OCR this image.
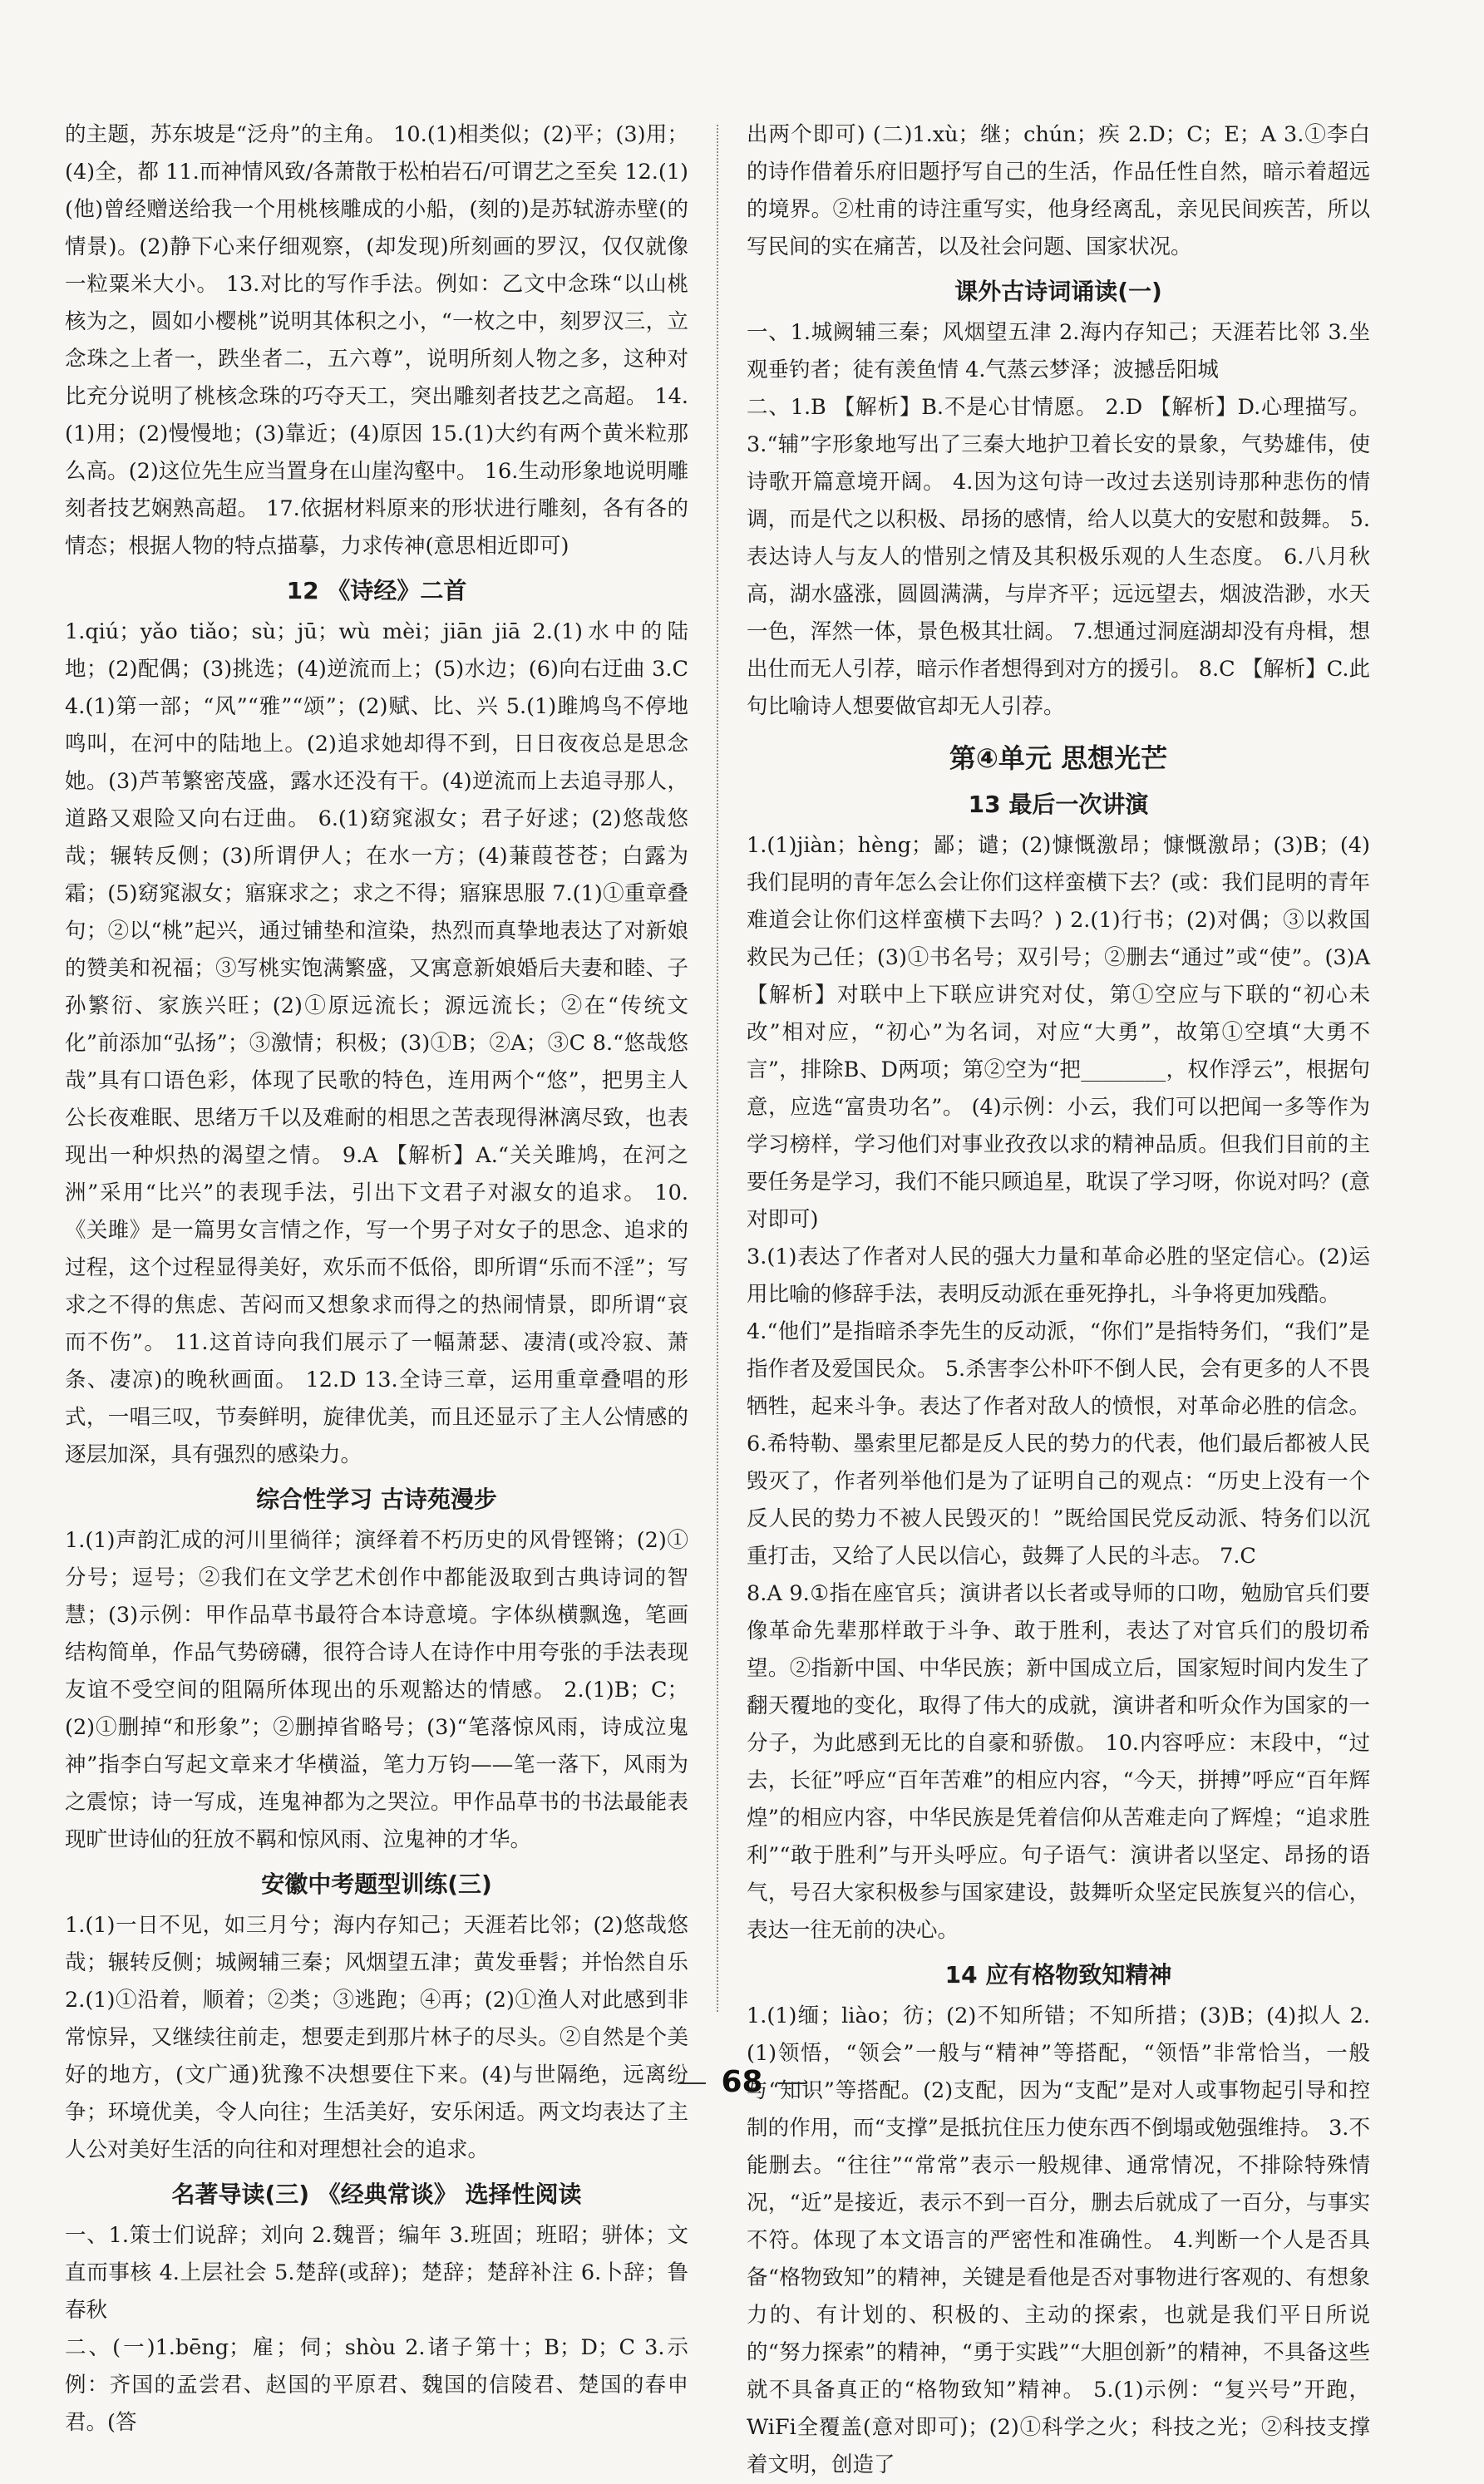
的主题，苏东坡是“泛舟”的主角。 10.(1)相类似；(2)平；(3)用；(4)全，都 11.而神情风致/各萧散于松柏岩石/可谓艺之至矣 12.(1)(他)曾经赠送给我一个用桃核雕成的小船，(刻的)是苏轼游赤壁(的情景)。(2)静下心来仔细观察，(却发现)所刻画的罗汉，仅仅就像一粒粟米大小。 13.对比的写作手法。例如：乙文中念珠“以山桃核为之，圆如小樱桃”说明其体积之小，“一枚之中，刻罗汉三，立念珠之上者一，跌坐者二，五六尊”，说明所刻人物之多，这种对比充分说明了桃核念珠的巧夺天工，突出雕刻者技艺之高超。 14.(1)用；(2)慢慢地；(3)靠近；(4)原因 15.(1)大约有两个黄米粒那么高。(2)这位先生应当置身在山崖沟壑中。 16.生动形象地说明雕刻者技艺娴熟高超。 17.依据材料原来的形状进行雕刻，各有各的情态；根据人物的特点描摹，力求传神(意思相近即可)

12 《诗经》二首

1.qiú；yǎo tiǎo；sù；jū；wù mèi；jiān jiā 2.(1)水中的陆地；(2)配偶；(3)挑选；(4)逆流而上；(5)水边；(6)向右迂曲 3.C 4.(1)第一部；“风”“雅”“颂”；(2)赋、比、兴 5.(1)雎鸠鸟不停地鸣叫，在河中的陆地上。(2)追求她却得不到，日日夜夜总是思念她。(3)芦苇繁密茂盛，露水还没有干。(4)逆流而上去追寻那人，道路又艰险又向右迂曲。 6.(1)窈窕淑女；君子好逑；(2)悠哉悠哉；辗转反侧；(3)所谓伊人；在水一方；(4)蒹葭苍苍；白露为霜；(5)窈窕淑女；寤寐求之；求之不得；寤寐思服 7.(1)①重章叠句；②以“桃”起兴，通过铺垫和渲染，热烈而真挚地表达了对新娘的赞美和祝福；③写桃实饱满繁盛，又寓意新娘婚后夫妻和睦、子孙繁衍、家族兴旺；(2)①原远流长；源远流长；②在“传统文化”前添加“弘扬”；③激情；积极；(3)①B；②A；③C 8.“悠哉悠哉”具有口语色彩，体现了民歌的特色，连用两个“悠”，把男主人公长夜难眠、思绪万千以及难耐的相思之苦表现得淋漓尽致，也表现出一种炽热的渴望之情。 9.A 【解析】A.“关关雎鸠，在河之洲”采用“比兴”的表现手法，引出下文君子对淑女的追求。 10.《关雎》是一篇男女言情之作，写一个男子对女子的思念、追求的过程，这个过程显得美好，欢乐而不低俗，即所谓“乐而不淫”；写求之不得的焦虑、苦闷而又想象求而得之的热闹情景，即所谓“哀而不伤”。 11.这首诗向我们展示了一幅萧瑟、凄清(或冷寂、萧条、凄凉)的晚秋画面。 12.D 13.全诗三章，运用重章叠唱的形式，一唱三叹，节奏鲜明，旋律优美，而且还显示了主人公情感的逐层加深，具有强烈的感染力。

综合性学习 古诗苑漫步

1.(1)声韵汇成的河川里徜徉；演绎着不朽历史的风骨铿锵；(2)①分号；逗号；②我们在文学艺术创作中都能汲取到古典诗词的智慧；(3)示例：甲作品草书最符合本诗意境。字体纵横飘逸，笔画结构简单，作品气势磅礴，很符合诗人在诗作中用夸张的手法表现友谊不受空间的阻隔所体现出的乐观豁达的情感。 2.(1)B；C；(2)①删掉“和形象”；②删掉省略号；(3)“笔落惊风雨，诗成泣鬼神”指李白写起文章来才华横溢，笔力万钧——笔一落下，风雨为之震惊；诗一写成，连鬼神都为之哭泣。甲作品草书的书法最能表现旷世诗仙的狂放不羁和惊风雨、泣鬼神的才华。

安徽中考题型训练(三)

1.(1)一日不见，如三月兮；海内存知己；天涯若比邻；(2)悠哉悠哉；辗转反侧；城阙辅三秦；风烟望五津；黄发垂髫；并怡然自乐 2.(1)①沿着，顺着；②类；③逃跑；④再；(2)①渔人对此感到非常惊异，又继续往前走，想要走到那片林子的尽头。②自然是个美好的地方，(文广通)犹豫不决想要住下来。(4)与世隔绝，远离纷争；环境优美，令人向往；生活美好，安乐闲适。两文均表达了主人公对美好生活的向往和对理想社会的追求。

名著导读(三) 《经典常谈》 选择性阅读

一、1.策士们说辞；刘向 2.魏晋；编年 3.班固；班昭；骈体；文直而事核 4.上层社会 5.楚辞(或辞)；楚辞；楚辞补注 6.卜辞；鲁春秋

二、(一)1.bēng；雇；伺；shòu 2.诸子第十；B；D；C 3.示例：齐国的孟尝君、赵国的平原君、魏国的信陵君、楚国的春申君。(答

出两个即可) (二)1.xù；继；chún；疾 2.D；C；E；A 3.①李白的诗作借着乐府旧题抒写自己的生活，作品任性自然，暗示着超远的境界。②杜甫的诗注重写实，他身经离乱，亲见民间疾苦，所以写民间的实在痛苦，以及社会问题、国家状况。

课外古诗词诵读(一)

一、1.城阙辅三秦；风烟望五津 2.海内存知己；天涯若比邻 3.坐观垂钓者；徒有羡鱼情 4.气蒸云梦泽；波撼岳阳城

二、1.B 【解析】B.不是心甘情愿。 2.D 【解析】D.心理描写。 3.“辅”字形象地写出了三秦大地护卫着长安的景象，气势雄伟，使诗歌开篇意境开阔。 4.因为这句诗一改过去送别诗那种悲伤的情调，而是代之以积极、昂扬的感情，给人以莫大的安慰和鼓舞。 5.表达诗人与友人的惜别之情及其积极乐观的人生态度。 6.八月秋高，湖水盛涨，圆圆满满，与岸齐平；远远望去，烟波浩渺，水天一色，浑然一体，景色极其壮阔。 7.想通过洞庭湖却没有舟楫，想出仕而无人引荐，暗示作者想得到对方的援引。 8.C 【解析】C.此句比喻诗人想要做官却无人引荐。

第④单元 思想光芒
13 最后一次讲演

1.(1)jiàn；hèng；鄙；谴；(2)慷慨激昂；慷慨激昂；(3)B；(4)我们昆明的青年怎么会让你们这样蛮横下去？(或：我们昆明的青年难道会让你们这样蛮横下去吗？) 2.(1)行书；(2)对偶；③以救国救民为己任；(3)①书名号；双引号；②删去“通过”或“使”。(3)A 【解析】对联中上下联应讲究对仗，第①空应与下联的“初心未改”相对应，“初心”为名词，对应“大勇”，故第①空填“大勇不言”，排除B、D两项；第②空为“把________，权作浮云”，根据句意，应选“富贵功名”。 (4)示例：小云，我们可以把闻一多等作为学习榜样，学习他们对事业孜孜以求的精神品质。但我们目前的主要任务是学习，我们不能只顾追星，耽误了学习呀，你说对吗？(意对即可)

3.(1)表达了作者对人民的强大力量和革命必胜的坚定信心。(2)运用比喻的修辞手法，表明反动派在垂死挣扎，斗争将更加残酷。

4.“他们”是指暗杀李先生的反动派，“你们”是指特务们，“我们”是指作者及爱国民众。 5.杀害李公朴吓不倒人民，会有更多的人不畏牺牲，起来斗争。表达了作者对敌人的愤恨，对革命必胜的信念。 6.希特勒、墨索里尼都是反人民的势力的代表，他们最后都被人民毁灭了，作者列举他们是为了证明自己的观点：“历史上没有一个反人民的势力不被人民毁灭的！”既给国民党反动派、特务们以沉重打击，又给了人民以信心，鼓舞了人民的斗志。 7.C

8.A 9.①指在座官兵；演讲者以长者或导师的口吻，勉励官兵们要像革命先辈那样敢于斗争、敢于胜利，表达了对官兵们的殷切希望。②指新中国、中华民族；新中国成立后，国家短时间内发生了翻天覆地的变化，取得了伟大的成就，演讲者和听众作为国家的一分子，为此感到无比的自豪和骄傲。 10.内容呼应：末段中，“过去，长征”呼应“百年苦难”的相应内容，“今天，拼搏”呼应“百年辉煌”的相应内容，中华民族是凭着信仰从苦难走向了辉煌；“追求胜利”“敢于胜利”与开头呼应。句子语气：演讲者以坚定、昂扬的语气，号召大家积极参与国家建设，鼓舞听众坚定民族复兴的信心，表达一往无前的决心。

14 应有格物致知精神

1.(1)缅；liào；彷；(2)不知所错；不知所措；(3)B；(4)拟人 2.(1)领悟，“领会”一般与“精神”等搭配，“领悟”非常恰当，一般与“知识”等搭配。(2)支配，因为“支配”是对人或事物起引导和控制的作用，而“支撑”是抵抗住压力使东西不倒塌或勉强维持。 3.不能删去。“往往”“常常”表示一般规律、通常情况，不排除特殊情况，“近”是接近，表示不到一百分，删去后就成了一百分，与事实不符。体现了本文语言的严密性和准确性。 4.判断一个人是否具备“格物致知”的精神，关键是看他是否对事物进行客观的、有想象力的、有计划的、积极的、主动的探索，也就是我们平日所说的“努力探索”的精神，“勇于实践”“大胆创新”的精神，不具备这些就不具备真正的“格物致知”精神。 5.(1)示例：“复兴号”开跑，WiFi全覆盖(意对即可)；(2)①科学之火；科技之光；②科技支撑着文明，创造了

68
